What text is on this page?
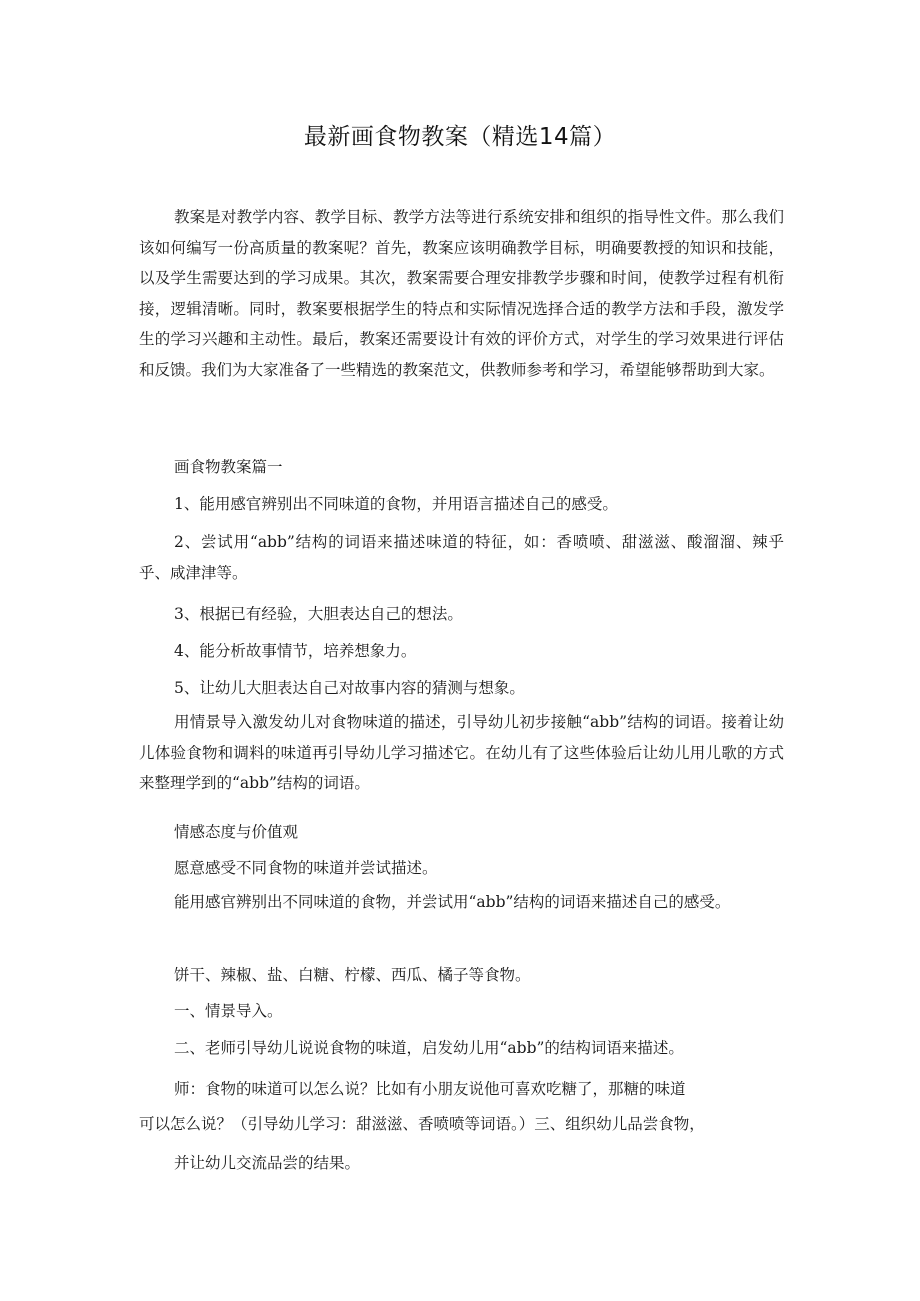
最新画食物教案（精选14篇）

教案是对教学内容、教学目标、教学方法等进行系统安排和组织的指导性文件。那么我们该如何编写一份高质量的教案呢？首先，教案应该明确教学目标，明确要教授的知识和技能，以及学生需要达到的学习成果。其次，教案需要合理安排教学步骤和时间，使教学过程有机衔接，逻辑清晰。同时，教案要根据学生的特点和实际情况选择合适的教学方法和手段，激发学生的学习兴趣和主动性。最后，教案还需要设计有效的评价方式，对学生的学习效果进行评估和反馈。我们为大家准备了一些精选的教案范文，供教师参考和学习，希望能够帮助到大家。

画食物教案篇一

1、能用感官辨别出不同味道的食物，并用语言描述自己的感受。

2、尝试用“abb”结构的词语来描述味道的特征，如：香喷喷、甜滋滋、酸溜溜、辣乎乎、咸津津等。

3、根据已有经验，大胆表达自己的想法。

4、能分析故事情节，培养想象力。

5、让幼儿大胆表达自己对故事内容的猜测与想象。

用情景导入激发幼儿对食物味道的描述，引导幼儿初步接触“abb”结构的词语。接着让幼儿体验食物和调料的味道再引导幼儿学习描述它。在幼儿有了这些体验后让幼儿用儿歌的方式来整理学到的“abb”结构的词语。

情感态度与价值观

愿意感受不同食物的味道并尝试描述。

能用感官辨别出不同味道的食物，并尝试用“abb”结构的词语来描述自己的感受。

饼干、辣椒、盐、白糖、柠檬、西瓜、橘子等食物。

一、情景导入。

二、老师引导幼儿说说食物的味道，启发幼儿用“abb”的结构词语来描述。

师：食物的味道可以怎么说？比如有小朋友说他可喜欢吃糖了，那糖的味道

可以怎么说？（引导幼儿学习：甜滋滋、香喷喷等词语。）三、组织幼儿品尝食物，

并让幼儿交流品尝的结果。
